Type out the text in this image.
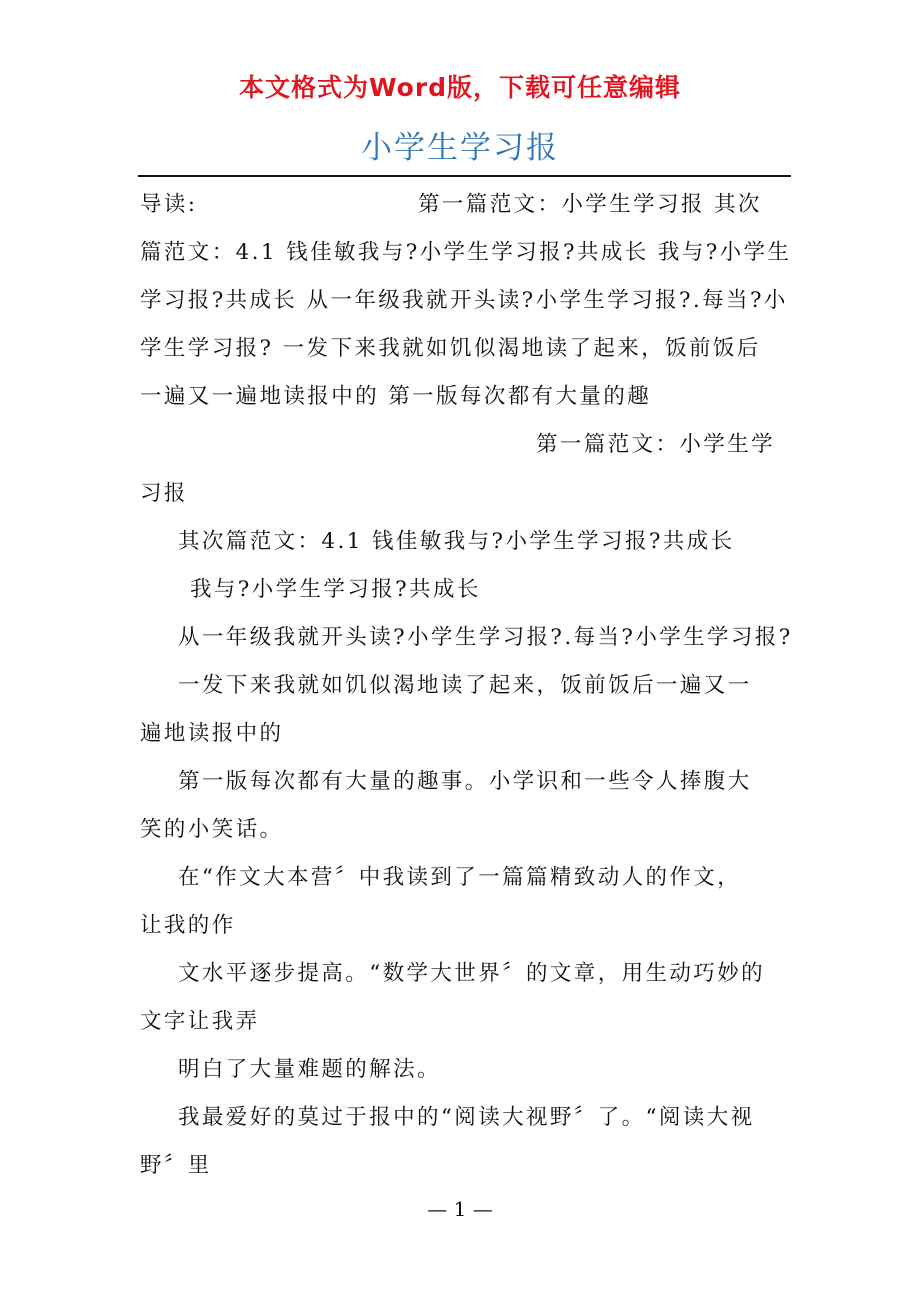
本文格式为Word版，下载可任意编辑
小学生学习报
导读:	第一篇范文：小学生学习报 其次
篇范文：4.1 钱佳敏我与?小学生学习报?共成长 我与?小学生
学习报?共成长 从一年级我就开头读?小学生学习报?.每当?小
学生学习报? 一发下来我就如饥似渴地读了起来，饭前饭后
一遍又一遍地读报中的 第一版每次都有大量的趣
第一篇范文：小学生学
习报
其次篇范文：4.1 钱佳敏我与?小学生学习报?共成长
我与?小学生学习报?共成长
从一年级我就开头读?小学生学习报?.每当?小学生学习报?
一发下来我就如饥似渴地读了起来，饭前饭后一遍又一
遍地读报中的
第一版每次都有大量的趣事。小学识和一些令人捧腹大
笑的小笑话。
在“作文大本营〞中我读到了一篇篇精致动人的作文，
让我的作
文水平逐步提高。“数学大世界〞的文章，用生动巧妙的
文字让我弄
明白了大量难题的解法。
我最爱好的莫过于报中的“阅读大视野〞了。“阅读大视
野〞里
— 1 —
